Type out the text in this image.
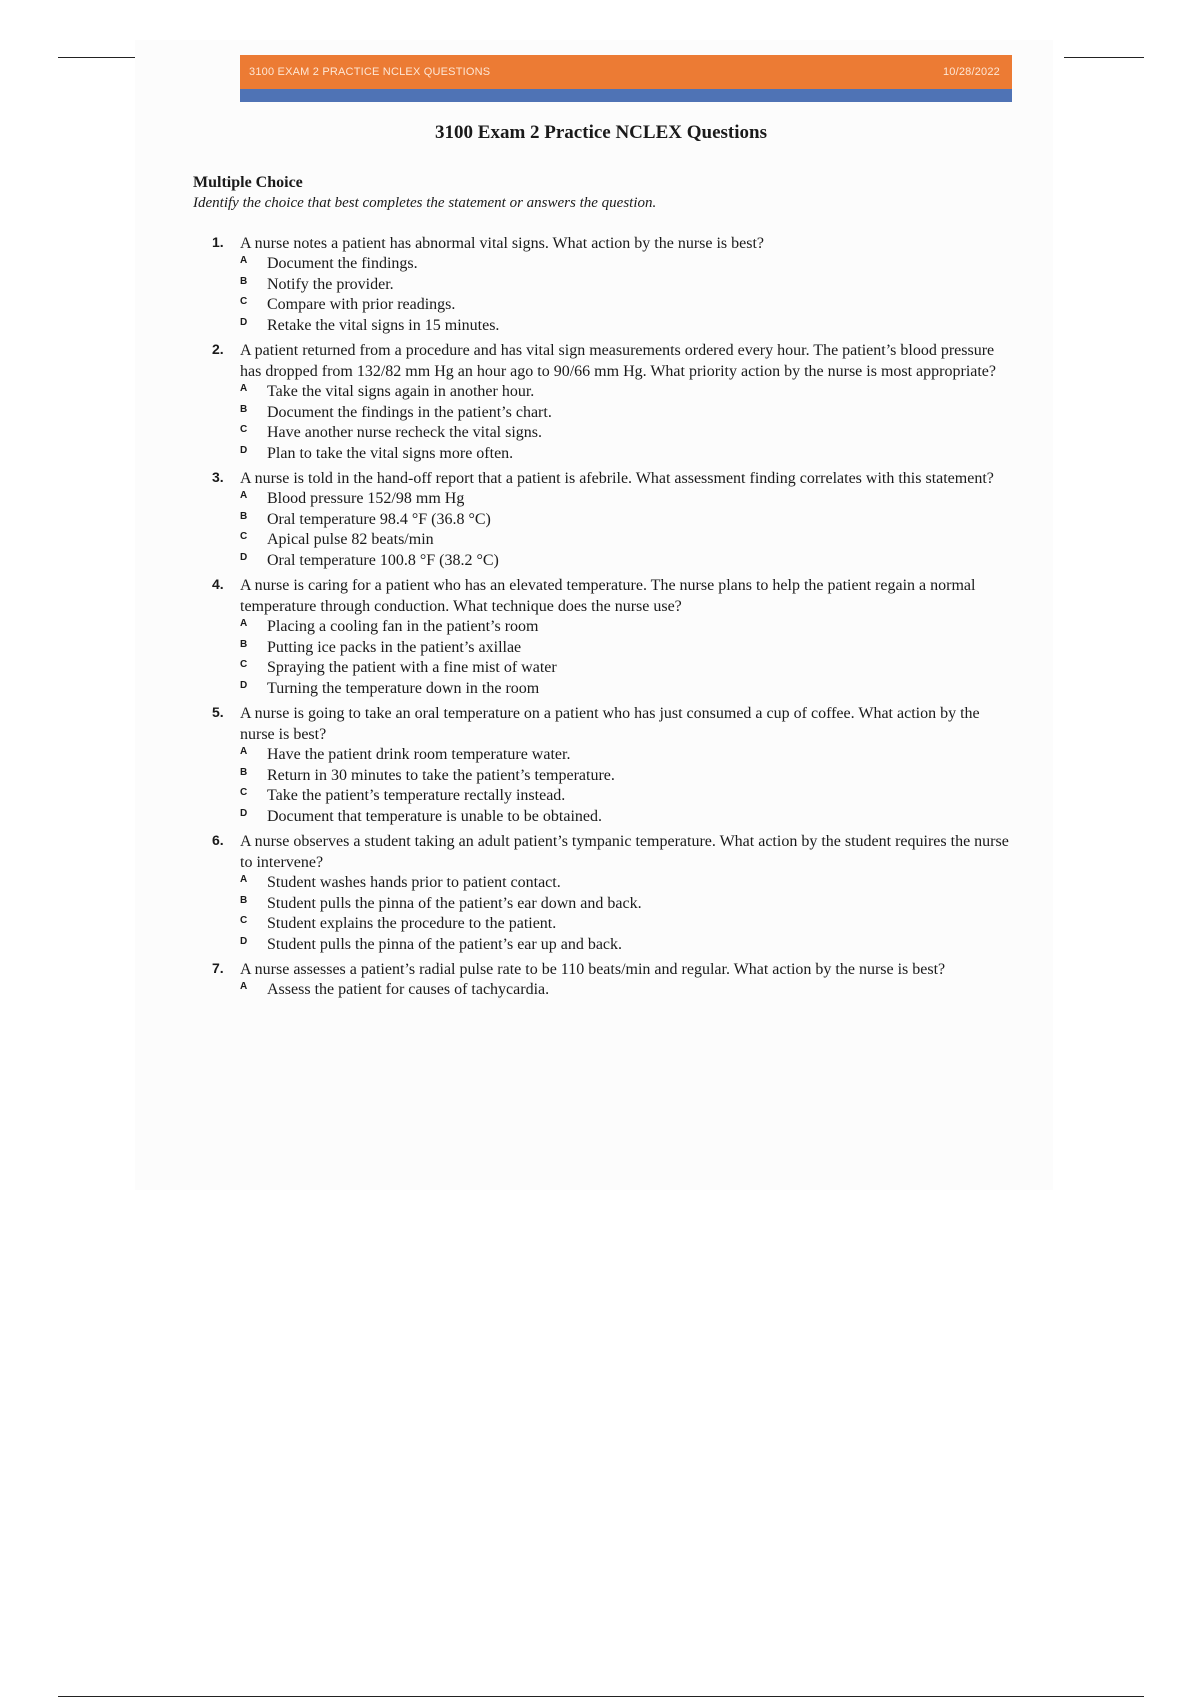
3100 EXAM 2 PRACTICE NCLEX QUESTIONS	10/28/2022
3100 Exam 2 Practice NCLEX Questions
Multiple Choice
Identify the choice that best completes the statement or answers the question.
1. A nurse notes a patient has abnormal vital signs. What action by the nurse is best?
A Document the findings.
B Notify the provider.
C Compare with prior readings.
D Retake the vital signs in 15 minutes.
2. A patient returned from a procedure and has vital sign measurements ordered every hour. The patient’s blood pressure has dropped from 132/82 mm Hg an hour ago to 90/66 mm Hg. What priority action by the nurse is most appropriate?
A Take the vital signs again in another hour.
B Document the findings in the patient’s chart.
C Have another nurse recheck the vital signs.
D Plan to take the vital signs more often.
3. A nurse is told in the hand-off report that a patient is afebrile. What assessment finding correlates with this statement?
A Blood pressure 152/98 mm Hg
B Oral temperature 98.4 °F (36.8 °C)
C Apical pulse 82 beats/min
D Oral temperature 100.8 °F (38.2 °C)
4. A nurse is caring for a patient who has an elevated temperature. The nurse plans to help the patient regain a normal temperature through conduction. What technique does the nurse use?
A Placing a cooling fan in the patient’s room
B Putting ice packs in the patient’s axillae
C Spraying the patient with a fine mist of water
D Turning the temperature down in the room
5. A nurse is going to take an oral temperature on a patient who has just consumed a cup of coffee. What action by the nurse is best?
A Have the patient drink room temperature water.
B Return in 30 minutes to take the patient’s temperature.
C Take the patient’s temperature rectally instead.
D Document that temperature is unable to be obtained.
6. A nurse observes a student taking an adult patient’s tympanic temperature. What action by the student requires the nurse to intervene?
A Student washes hands prior to patient contact.
B Student pulls the pinna of the patient’s ear down and back.
C Student explains the procedure to the patient.
D Student pulls the pinna of the patient’s ear up and back.
7. A nurse assesses a patient’s radial pulse rate to be 110 beats/min and regular. What action by the nurse is best?
A Assess the patient for causes of tachycardia.
